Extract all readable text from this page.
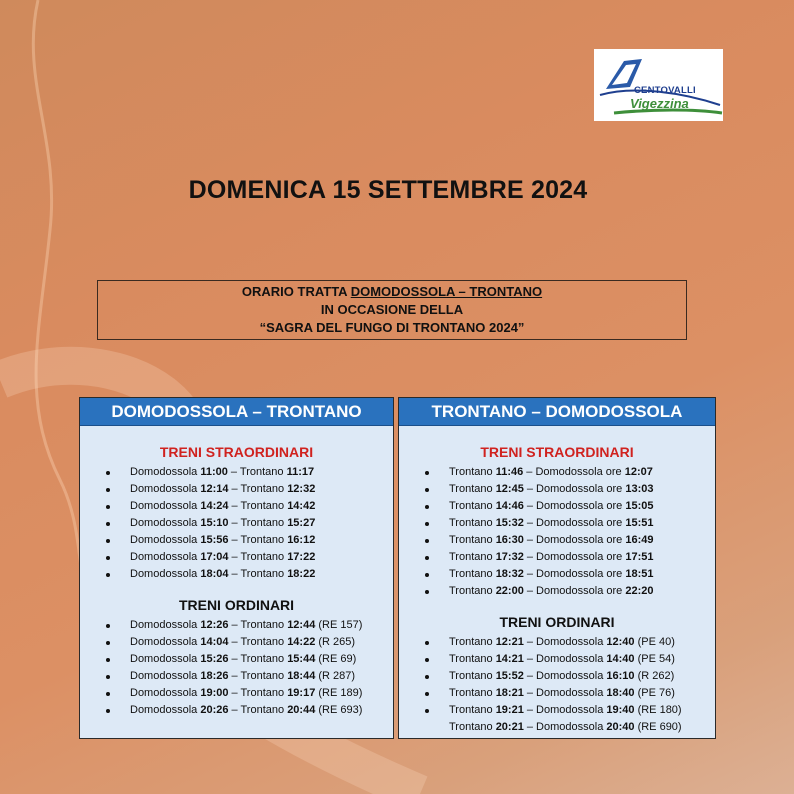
CENTOVALLI
Vigezzina
DOMENICA 15 SETTEMBRE 2024
ORARIO TRATTA DOMODOSSOLA – TRONTANO
IN OCCASIONE DELLA
“SAGRA DEL FUNGO DI TRONTANO 2024”
DOMODOSSOLA – TRONTANO
TRENI STRAORDINARI
Domodossola 11:00 – Trontano 11:17
Domodossola 12:14 – Trontano 12:32
Domodossola 14:24 – Trontano 14:42
Domodossola 15:10 – Trontano 15:27
Domodossola 15:56 – Trontano 16:12
Domodossola 17:04 – Trontano 17:22
Domodossola 18:04 – Trontano 18:22
TRENI ORDINARI
Domodossola 12:26 – Trontano 12:44 (RE 157)
Domodossola 14:04 – Trontano 14:22 (R 265)
Domodossola 15:26 – Trontano 15:44 (RE 69)
Domodossola 18:26 – Trontano 18:44 (R 287)
Domodossola 19:00 – Trontano 19:17 (RE 189)
Domodossola 20:26 – Trontano 20:44 (RE 693)
TRONTANO – DOMODOSSOLA
TRENI STRAORDINARI
Trontano 11:46 – Domodossola ore 12:07
Trontano 12:45 – Domodossola ore 13:03
Trontano 14:46 – Domodossola ore 15:05
Trontano 15:32 – Domodossola ore 15:51
Trontano 16:30 – Domodossola ore 16:49
Trontano 17:32 – Domodossola ore 17:51
Trontano 18:32 – Domodossola ore 18:51
Trontano 22:00 – Domodossola ore 22:20
TRENI ORDINARI
Trontano 12:21 – Domodossola 12:40 (PE 40)
Trontano 14:21 – Domodossola 14:40 (PE 54)
Trontano 15:52 – Domodossola 16:10 (R 262)
Trontano 18:21 – Domodossola 18:40 (PE 76)
Trontano 19:21 – Domodossola 19:40 (RE 180)
Trontano 20:21 – Domodossola 20:40 (RE 690)
